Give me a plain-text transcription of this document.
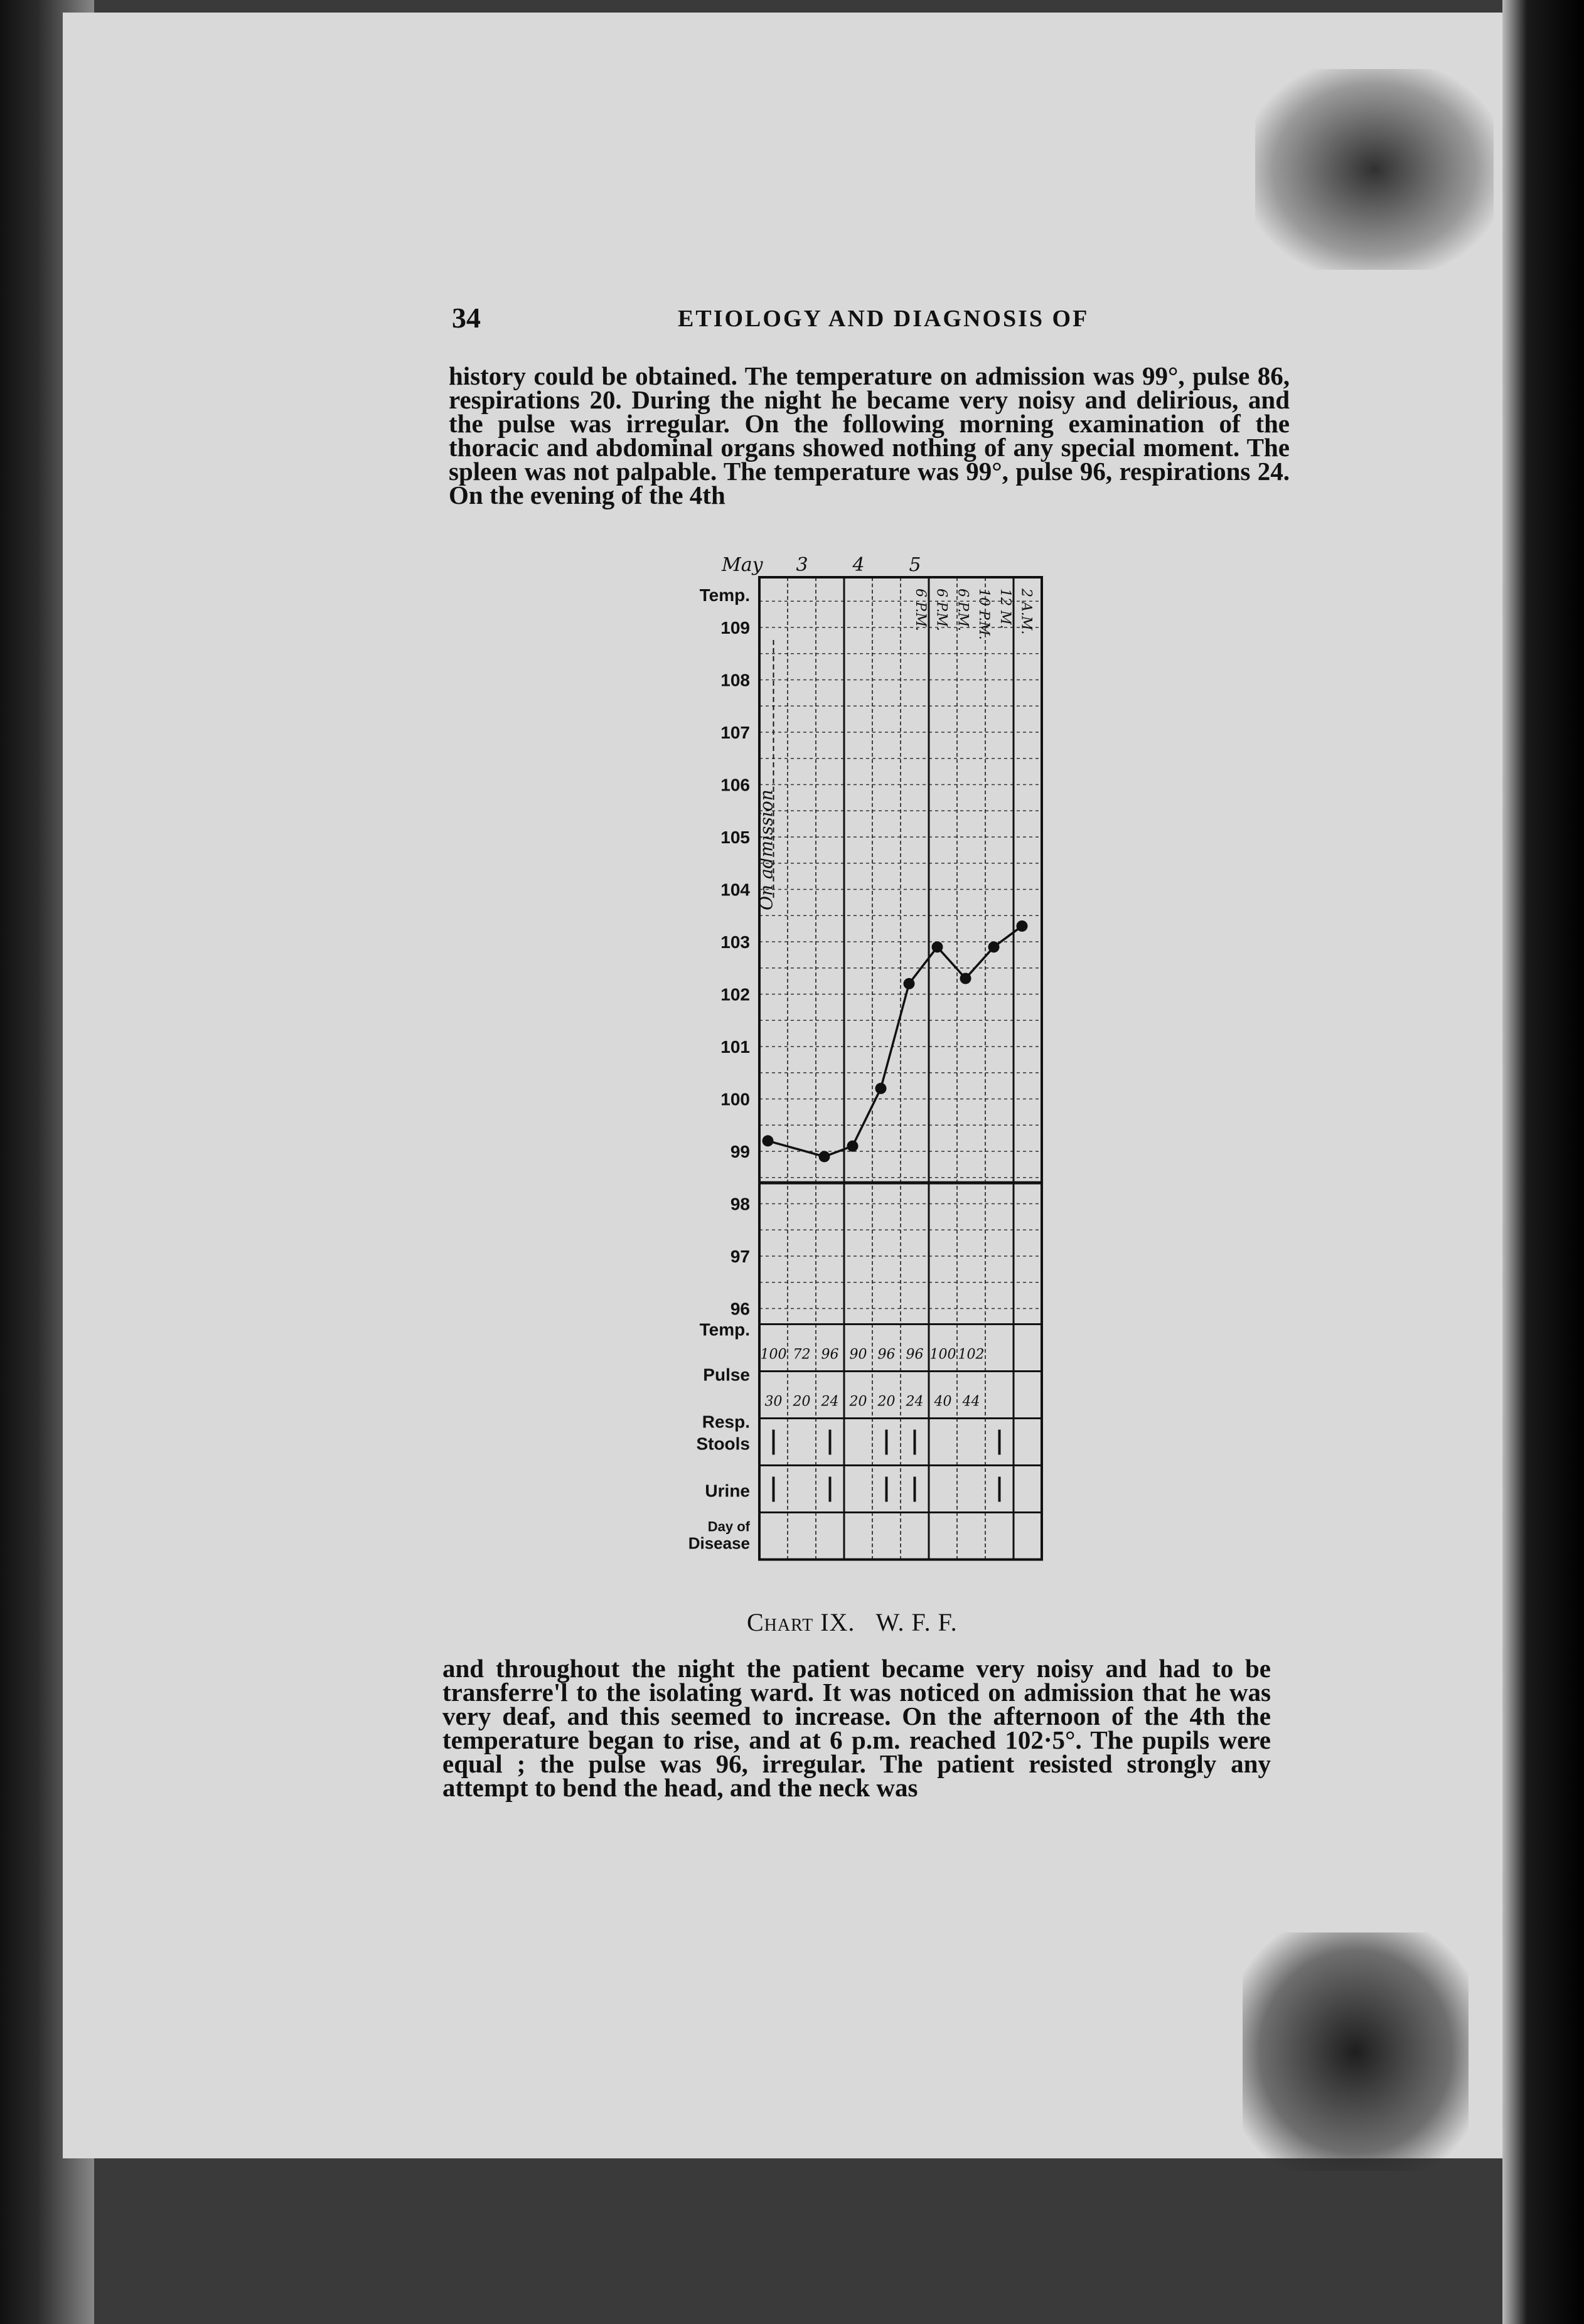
34	ETIOLOGY AND DIAGNOSIS OF
history could be obtained. The temperature on admission was 99°, pulse 86, respirations 20. During the night he became very noisy and delirious, and the pulse was irregular. On the following morning examination of the thoracic and abdominal organs showed nothing of any special moment. The spleen was not palpable. The temperature was 99°, pulse 96, respirations 24. On the evening of the 4th
Temp.
109
108
107
106
105
104
103
102
101
100
99
98
97
96
Temp.
Pulse
Resp.
Stools
Urine
Day of
Disease
May 3 4 5
6 P.M. 6 P.M. 6 P.M. 10 P.M. 12 M. 2 A.M.
On admission
100 72 96 90 96 96 100 102
30 20 24 20 20 24 40 44
Chart IX. W. F. F.
and throughout the night the patient became very noisy and had to be transferre'l to the isolating ward. It was noticed on admission that he was very deaf, and this seemed to increase. On the afternoon of the 4th the temperature began to rise, and at 6 p.m. reached 102·5°. The pupils were equal ; the pulse was 96, irregular. The patient resisted strongly any attempt to bend the head, and the neck was
